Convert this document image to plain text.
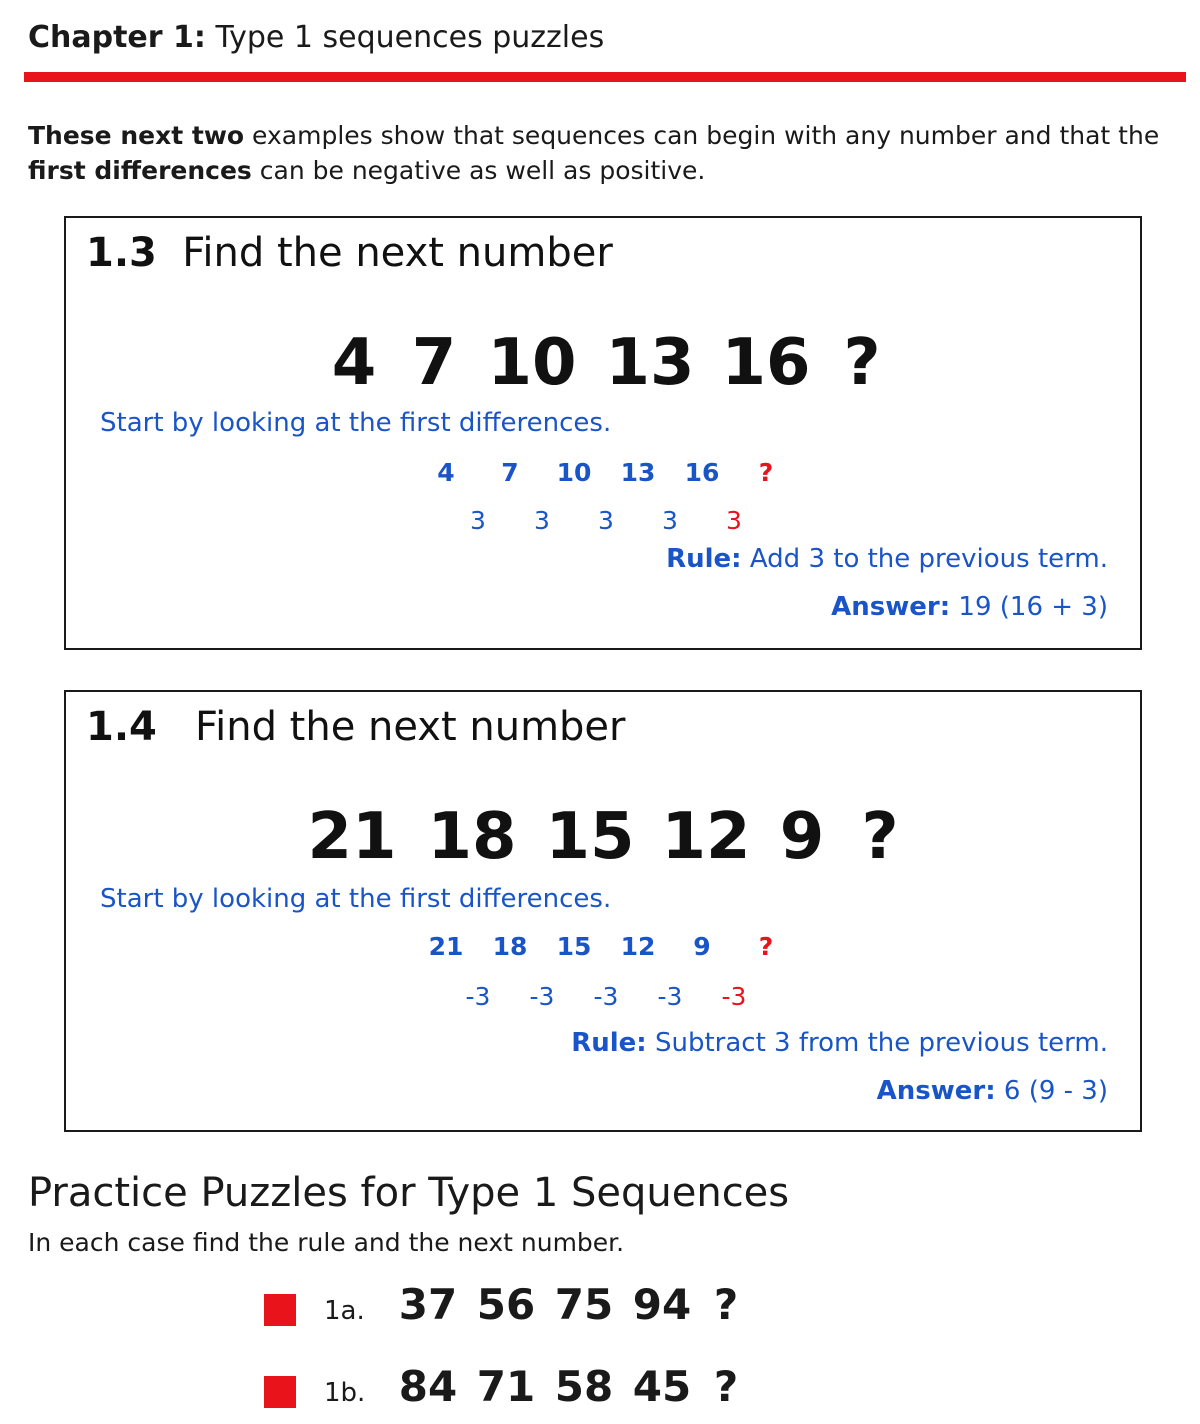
Chapter 1: Type 1 sequences puzzles
These next two examples show that sequences can begin with any number and that the first differences can be negative as well as positive.
1.3 Find the next number
4 7 10 13 16 ?
Start by looking at the first differences.
4 7 10 13 16 ?
3 3 3 3 3
Rule: Add 3 to the previous term.
Answer: 19 (16 + 3)
1.4 Find the next number
21 18 15 12 9 ?
Start by looking at the first differences.
21 18 15 12 9 ?
-3 -3 -3 -3 -3
Rule: Subtract 3 from the previous term.
Answer: 6 (9 - 3)
Practice Puzzles for Type 1 Sequences
In each case find the rule and the next number.
1a. 37 56 75 94 ?
1b. 84 71 58 45 ?
